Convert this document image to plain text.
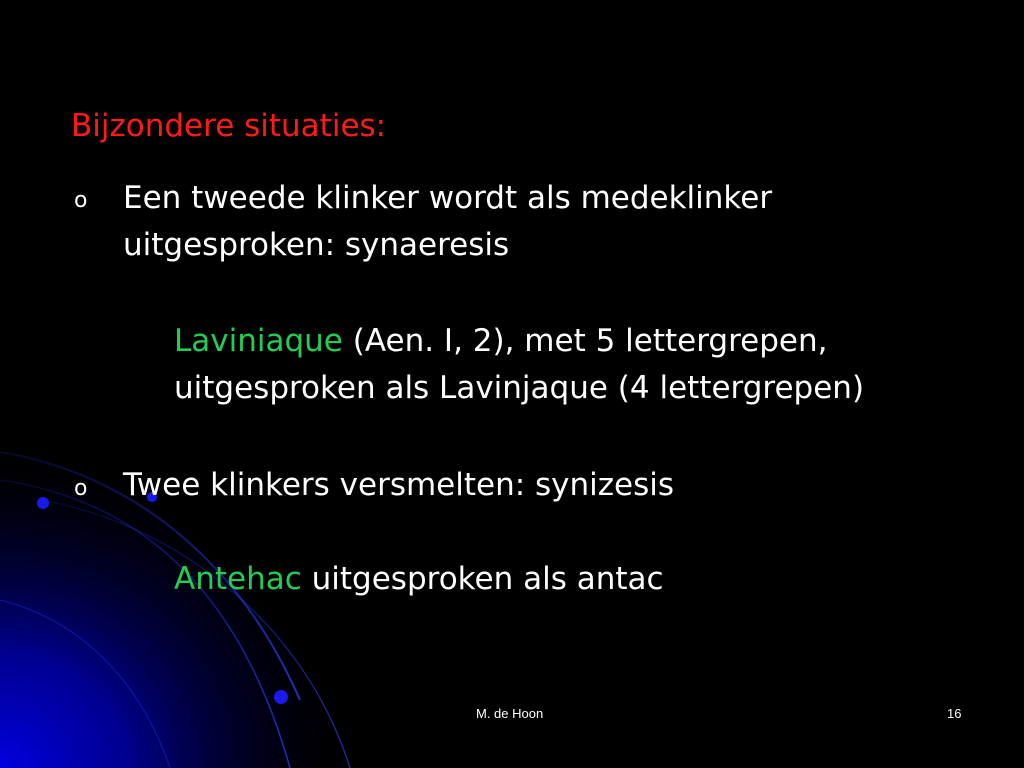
Bijzondere situaties:
o Een tweede klinker wordt als medeklinker
uitgesproken: synaeresis
Laviniaque (Aen. I, 2), met 5 lettergrepen,
uitgesproken als Lavinjaque (4 lettergrepen)
o Twee klinkers versmelten: synizesis
Antehac uitgesproken als antac
M. de Hoon	16
